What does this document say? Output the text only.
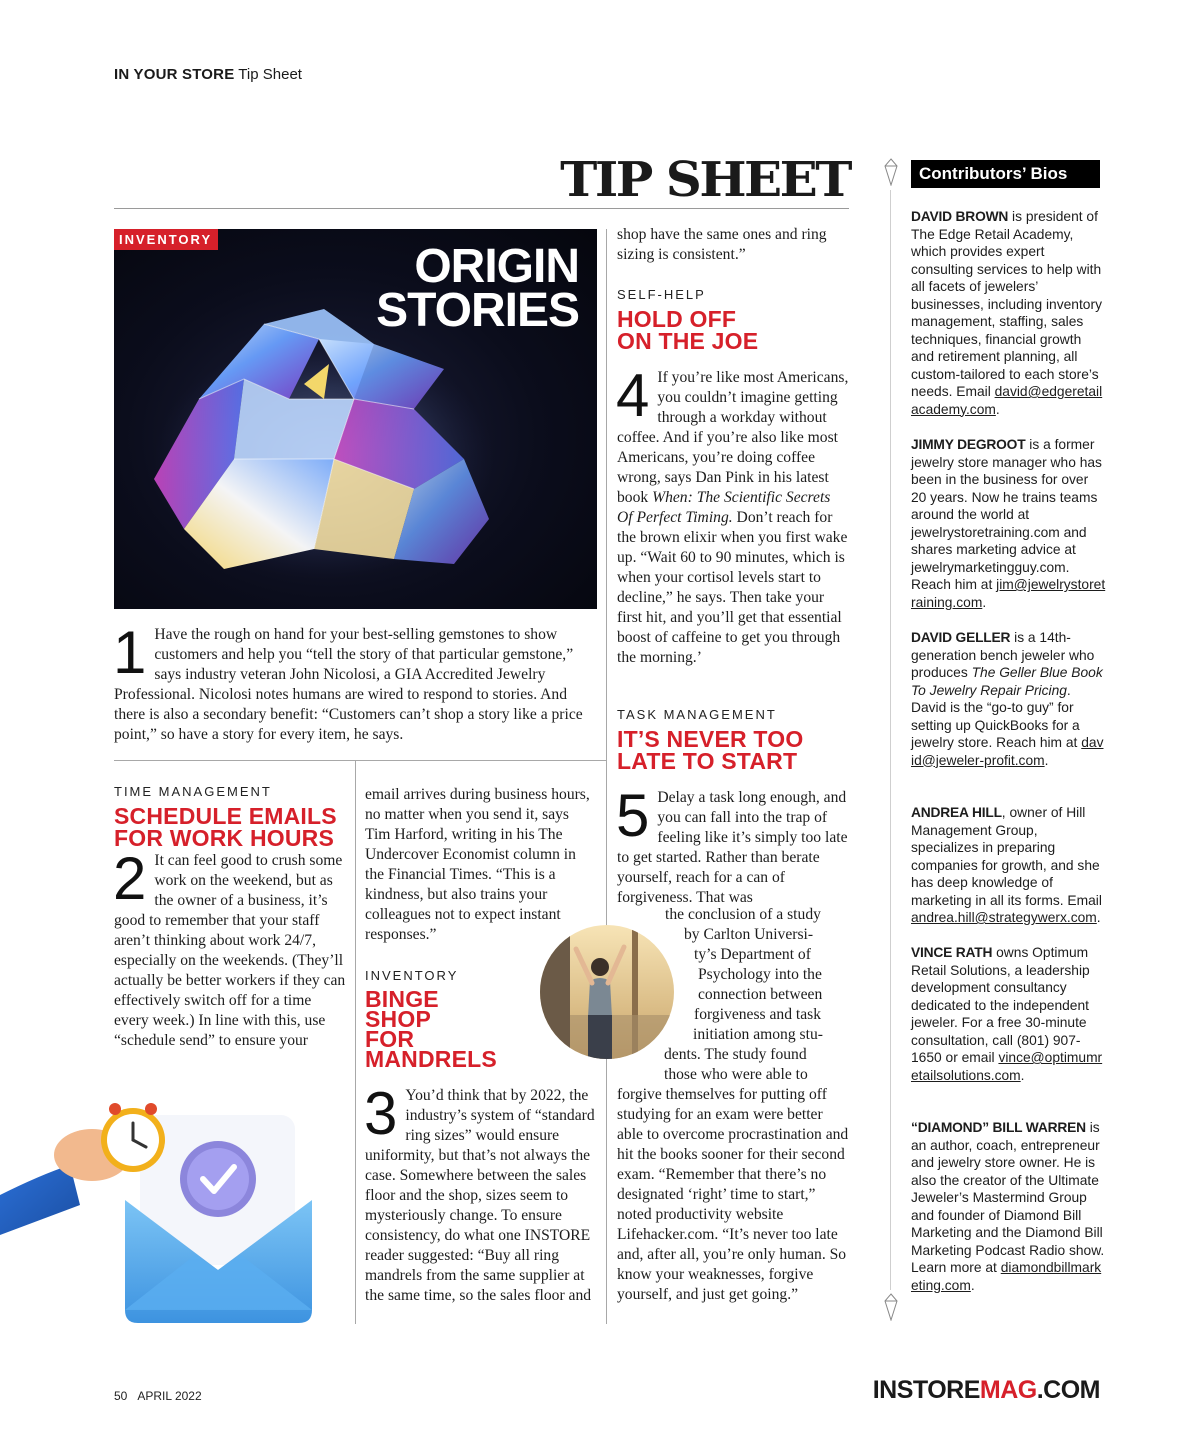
IN YOUR STORE Tip Sheet
TIP SHEET
INVENTORY
ORIGIN
STORIES
1 Have the rough on hand for your best-selling gemstones to show customers and help you “tell the story of that particular gemstone,” says industry veteran John Nicolosi, a GIA Accredited Jewelry Professional. Nicolosi notes humans are wired to respond to stories. And there is also a secondary benefit: “Customers can’t shop a story like a price point,” so have a story for every item, he says.
TIME MANAGEMENT
SCHEDULE EMAILS
FOR WORK HOURS
2 It can feel good to crush some work on the weekend, but as the owner of a business, it’s good to remember that your staff aren’t thinking about work 24/7, especially on the weekends. (They’ll actually be better workers if they can effectively switch off for a time every week.) In line with this, use “schedule send” to ensure your
email arrives during business hours, no matter when you send it, says Tim Harford, writing in his The Undercover Economist column in the Financial Times. “This is a kindness, but also trains your colleagues not to expect instant responses.”
INVENTORY
BINGE
SHOP
FOR
MANDRELS
3 You’d think that by 2022, the industry’s system of “standard ring sizes” would ensure uniformity, but that’s not always the case. Somewhere between the sales floor and the shop, sizes seem to mysteriously change. To ensure consistency, do what one INSTORE reader suggested: “Buy all ring mandrels from the same supplier at the same time, so the sales floor and
shop have the same ones and ring sizing is consistent.”
SELF-HELP
HOLD OFF
ON THE JOE
4 If you’re like most Americans, you couldn’t imagine getting through a workday without coffee. And if you’re also like most Americans, you’re doing coffee wrong, says Dan Pink in his latest book When: The Scientific Secrets Of Perfect Timing. Don’t reach for the brown elixir when you first wake up. “Wait 60 to 90 minutes, which is when your cortisol levels start to decline,” he says. Then take your first hit, and you’ll get that essential boost of caffeine to get you through the morning.’
TASK MANAGEMENT
IT’S NEVER TOO
LATE TO START
5 Delay a task long enough, and you can fall into the trap of feeling like it’s simply too late to get started. Rather than berate yourself, reach for a can of forgiveness. That was
the conclusion of a study
by Carlton Universi-
ty’s Department of
Psychology into the
connection between
forgiveness and task
initiation among stu-
dents. The study found
those who were able to
forgive themselves for putting off studying for an exam were better able to overcome procrastination and hit the books sooner for their second exam. “Remember that there’s no designated ‘right’ time to start,” noted productivity website Lifehacker.com. “It’s never too late and, after all, you’re only human. So know your weaknesses, forgive yourself, and just get going.”
Contributors’ Bios
DAVID BROWN is president of The Edge Retail Academy, which provides expert consulting services to help with all facets of jewelers’ businesses, including inventory management, staffing, sales techniques, financial growth and retirement planning, all custom-tailored to each store’s needs. Email david@edgeretailacademy.com.
JIMMY DEGROOT is a former jewelry store manager who has been in the business for over 20 years. Now he trains teams around the world at jewelrystoretraining.com and shares marketing advice at jewelrymarketingguy.com. Reach him at jim@jewelrystoretraining.com.
DAVID GELLER is a 14th-generation bench jeweler who produces The Geller Blue Book To Jewelry Repair Pricing. David is the “go-to guy” for setting up QuickBooks for a jewelry store. Reach him at david@jeweler-profit.com.
ANDREA HILL, owner of Hill Management Group, specializes in preparing companies for growth, and she has deep knowledge of marketing in all its forms. Email andrea.hill@strategywerx.com.
VINCE RATH owns Optimum Retail Solutions, a leadership development consultancy dedicated to the independent jeweler. For a free 30-minute consultation, call (801) 907-1650 or email vince@optimumretailsolutions.com.
“DIAMOND” BILL WARREN is an author, coach, entrepreneur and jewelry store owner. He is also the creator of the Ultimate Jeweler’s Mastermind Group and founder of Diamond Bill Marketing and the Diamond Bill Marketing Podcast Radio show. Learn more at diamondbillmarketing.com.
50 APRIL 2022	INSTOREMAG.COM
